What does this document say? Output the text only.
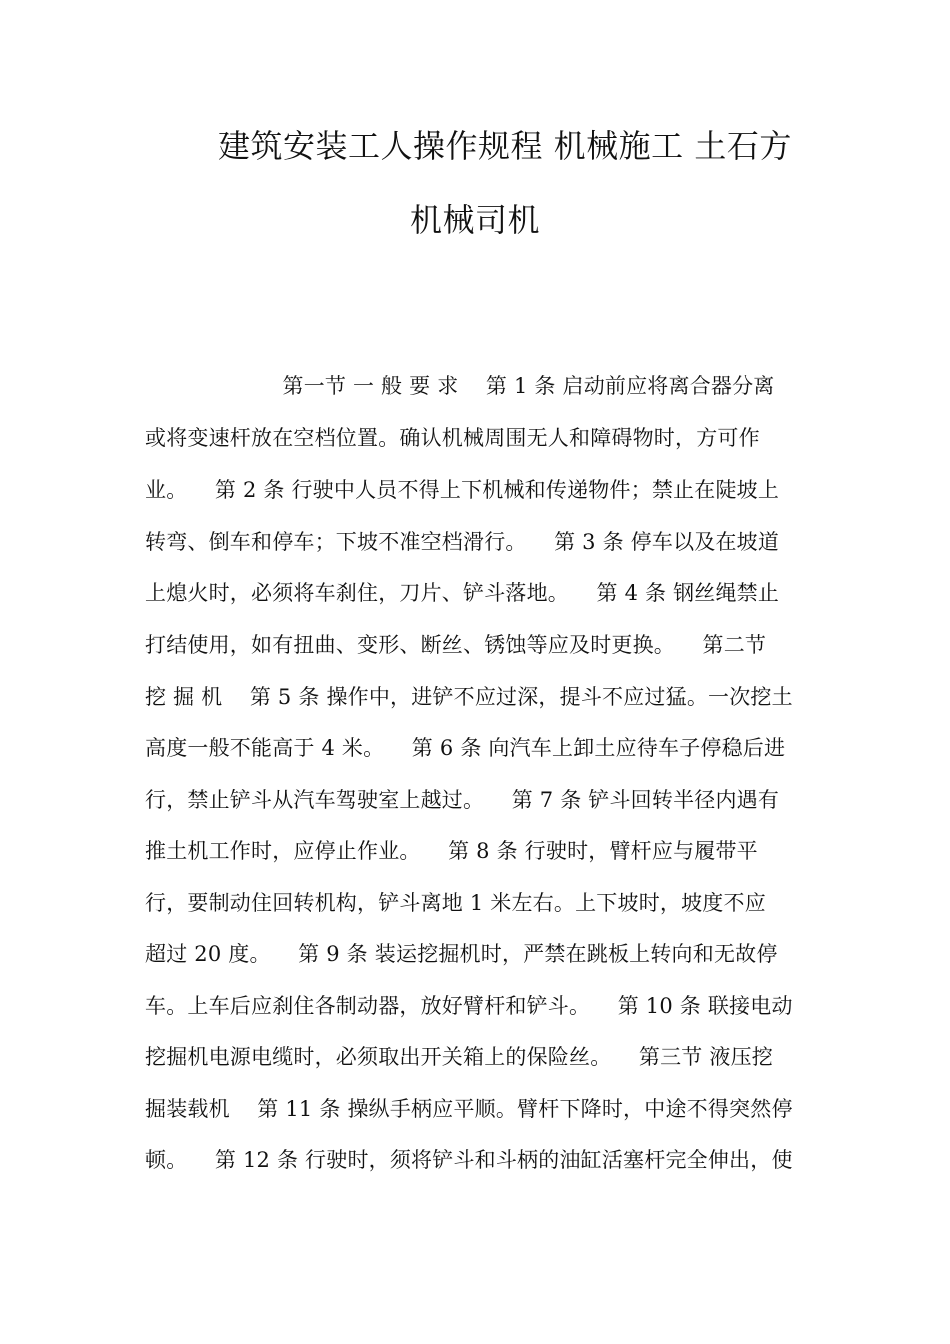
建筑安装工人操作规程 机械施工 土石方
机械司机
第一节 一 般 要 求    第 1 条 启动前应将离合器分离
或将变速杆放在空档位置。确认机械周围无人和障碍物时，方可作
业。    第 2 条 行驶中人员不得上下机械和传递物件；禁止在陡坡上
转弯、倒车和停车；下坡不准空档滑行。    第 3 条 停车以及在坡道
上熄火时，必须将车刹住，刀片、铲斗落地。    第 4 条 钢丝绳禁止
打结使用，如有扭曲、变形、断丝、锈蚀等应及时更换。    第二节
挖 掘 机    第 5 条 操作中，进铲不应过深，提斗不应过猛。一次挖土
高度一般不能高于 4 米。    第 6 条 向汽车上卸土应待车子停稳后进
行，禁止铲斗从汽车驾驶室上越过。    第 7 条 铲斗回转半径内遇有
推土机工作时，应停止作业。    第 8 条 行驶时，臂杆应与履带平
行，要制动住回转机构，铲斗离地 1 米左右。上下坡时，坡度不应
超过 20 度。    第 9 条 装运挖掘机时，严禁在跳板上转向和无故停
车。上车后应刹住各制动器，放好臂杆和铲斗。    第 10 条 联接电动
挖掘机电源电缆时，必须取出开关箱上的保险丝。    第三节 液压挖
掘装载机    第 11 条 操纵手柄应平顺。臂杆下降时，中途不得突然停
顿。    第 12 条 行驶时，须将铲斗和斗柄的油缸活塞杆完全伸出，使
